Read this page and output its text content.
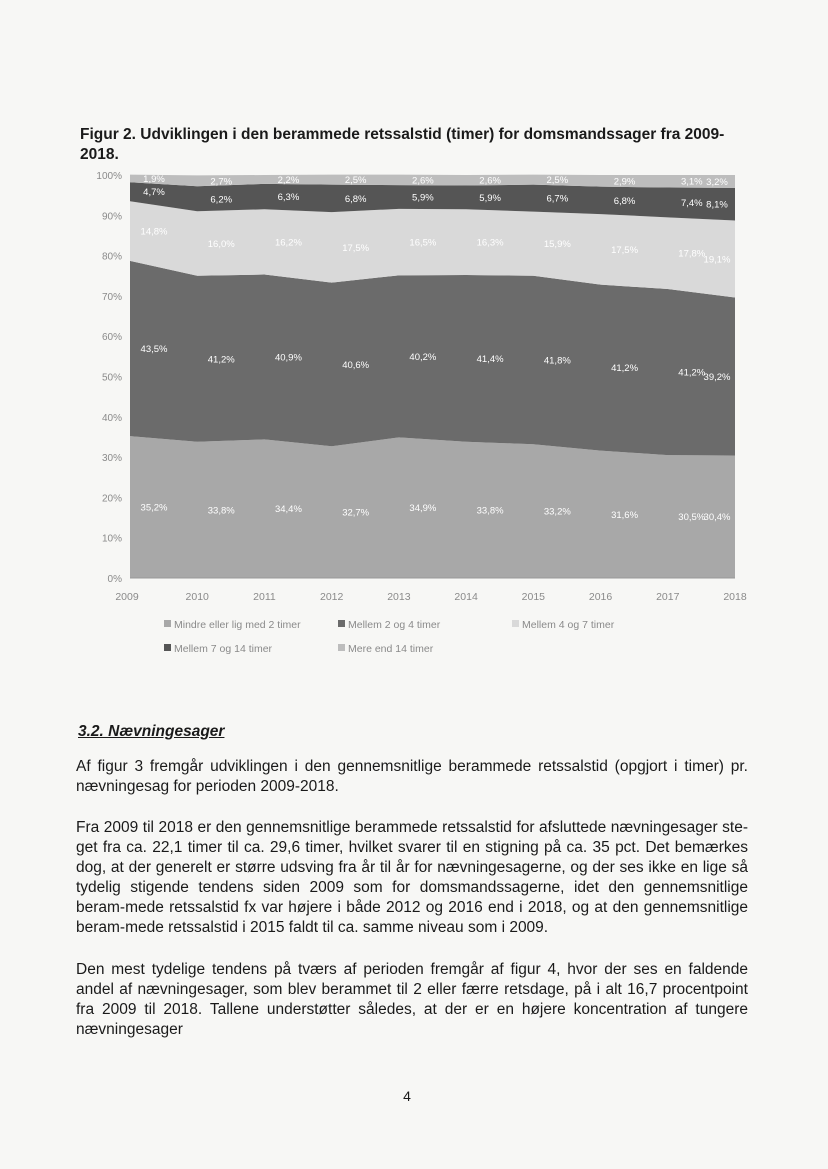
Figur 2. Udviklingen i den berammede retssalstid (timer) for domsmandssager fra 2009-2018.
35,2%	33,8%	34,4%	32,7%	34,9%	33,8%	33,2%	31,6%	30,5%
30,4%
43,5%
41,2%	40,9%
40,6%
40,2%	41,4%	41,8%
41,2%	41,2%
39,2%
14,8%
16,0%	16,2%	17,5%	16,5%	16,3%	15,9%
17,5%	17,8%
19,1%
4,7%
6,2%	6,3%	6,8%	5,9%	5,9%	6,7%	6,8%	7,4% 8,1%
1,9%	2,7%	2,2%	2,5%	2,6%	2,6%	2,5%	2,9%	3,1% 3,2%
0%
10%
20%
30%
40%
50%
60%
70%
80%
90%
100%
2009	2010	2011	2012	2013	2014	2015	2016	2017	2018
Mindre eller lig med 2 timer	Mellem 2 og 4 timer	Mellem 4 og 7 timer
Mellem 7 og 14 timer	Mere end 14 timer
3.2. Nævningesager

Af figur 3 fremgår udviklingen i den gennemsnitlige berammede retssalstid (opgjort i timer) pr. nævningesag for perioden 2009-2018.

Fra 2009 til 2018 er den gennemsnitlige berammede retssalstid for afsluttede nævningesager ste-get fra ca. 22,1 timer til ca. 29,6 timer, hvilket svarer til en stigning på ca. 35 pct. Det bemærkes dog, at der generelt er større udsving fra år til år for nævningesagerne, og der ses ikke en lige så tydelig stigende tendens siden 2009 som for domsmandssagerne, idet den gennemsnitlige beram-mede retssalstid fx var højere i både 2012 og 2016 end i 2018, og at den gennemsnitlige beram-mede retssalstid i 2015 faldt til ca. samme niveau som i 2009.

Den mest tydelige tendens på tværs af perioden fremgår af figur 4, hvor der ses en faldende andel af nævningesager, som blev berammet til 2 eller færre retsdage, på i alt 16,7 procentpoint fra 2009 til 2018. Tallene understøtter således, at der er en højere koncentration af tungere nævningesager

4
